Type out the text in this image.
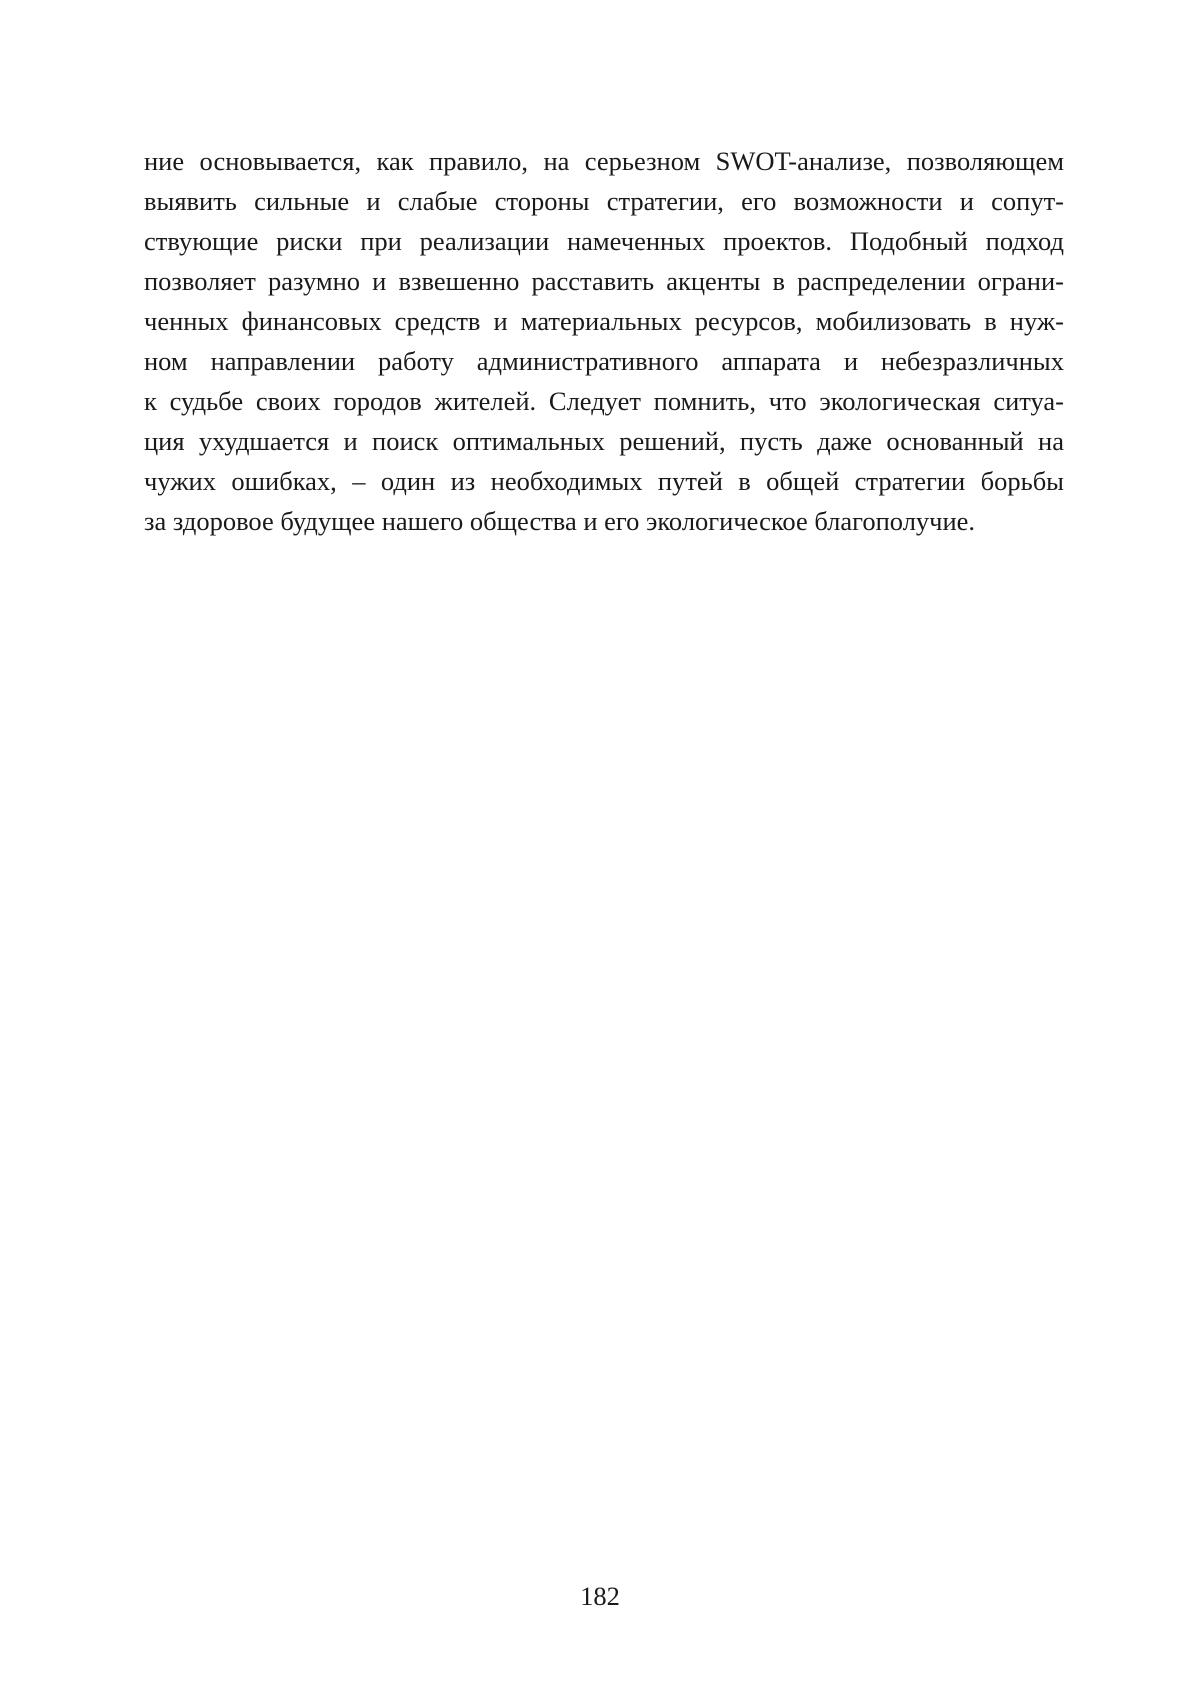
ние основывается, как правило, на серьезном SWOT-анализе, позволяющем
выявить сильные и слабые стороны стратегии, его возможности и сопут-
ствующие риски при реализации намеченных проектов. Подобный подход
позволяет разумно и взвешенно расставить акценты в распределении ограни-
ченных финансовых средств и материальных ресурсов, мобилизовать в нуж-
ном направлении работу административного аппарата и небезразличных
к судьбе своих городов жителей. Следует помнить, что экологическая ситуа-
ция ухудшается и поиск оптимальных решений, пусть даже основанный на
чужих ошибках, – один из необходимых путей в общей стратегии борьбы
за здоровое будущее нашего общества и его экологическое благополучие.
182
